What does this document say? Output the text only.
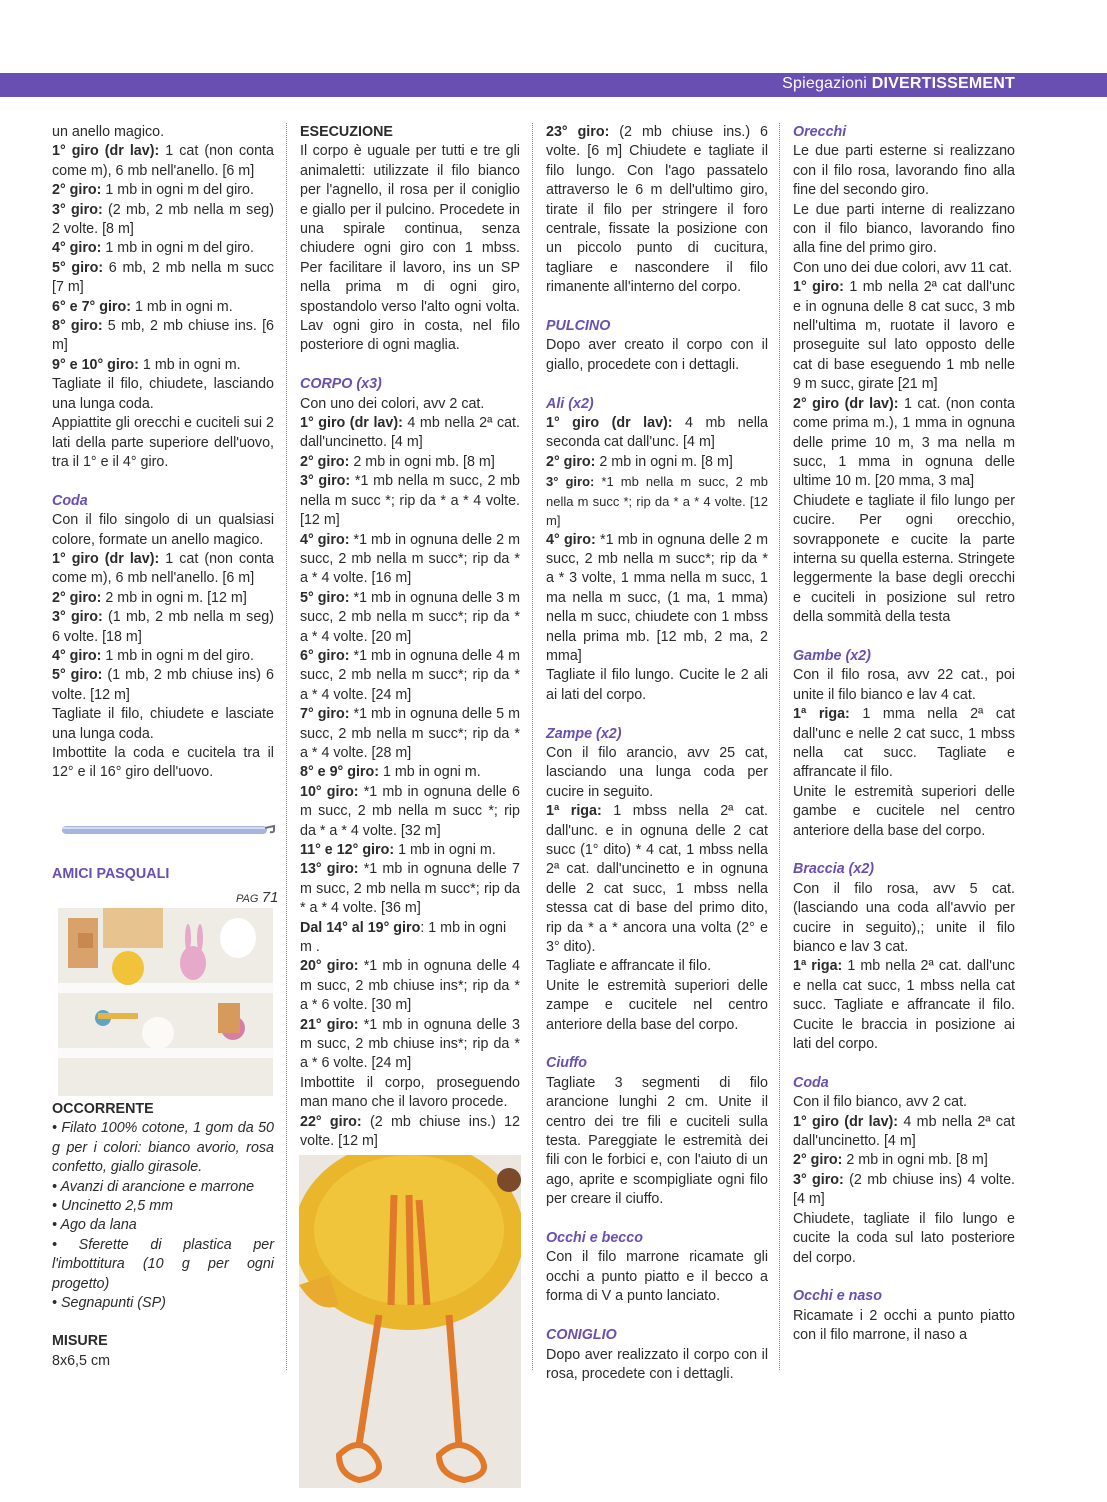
Spiegazioni DIVERTISSEMENT

un anello magico.

1° giro (dr lav): 1 cat (non conta come m), 6 mb nell'anello. [6 m]

2° giro: 1 mb in ogni m del giro.

3° giro: (2 mb, 2 mb nella m seg) 2 volte. [8 m]

4° giro: 1 mb in ogni m del giro.

5° giro: 6 mb, 2 mb nella m succ [7 m]

6° e 7° giro: 1 mb in ogni m.

8° giro: 5 mb, 2 mb chiuse ins. [6 m]

9° e 10° giro: 1 mb in ogni m.

Tagliate il filo, chiudete, lasciando una lunga coda.

Appiattite gli orecchi e cuciteli sui 2 lati della parte superiore dell'uovo, tra il 1° e il 4° giro.

Coda

Con il filo singolo di un qualsiasi colore, formate un anello magico.

1° giro (dr lav): 1 cat (non conta come m), 6 mb nell'anello. [6 m]

2° giro: 2 mb in ogni m. [12 m]

3° giro: (1 mb, 2 mb nella m seg) 6 volte. [18 m]

4° giro: 1 mb in ogni m del giro.

5° giro: (1 mb, 2 mb chiuse ins) 6 volte. [12 m]

Tagliate il filo, chiudete e lasciate una lunga coda.

Imbottite la coda e cucitela tra il 12° e il 16° giro dell'uovo.

AMICI PASQUALI
PAG 71

OCCORRENTE

• Filato 100% cotone, 1 gom da 50 g per i colori: bianco avorio, rosa confetto, giallo girasole.

• Avanzi di arancione e marrone

• Uncinetto 2,5 mm

• Ago da lana

• Sferette di plastica per l'imbottitura (10 g per ogni progetto)

• Segnapunti (SP)

MISURE

8x6,5 cm

ESECUZIONE

Il corpo è uguale per tutti e tre gli animaletti: utilizzate il filo bianco per l'agnello, il rosa per il coniglio e giallo per il pulcino. Procedete in una spirale continua, senza chiudere ogni giro con 1 mbss. Per facilitare il lavoro, ins un SP nella prima m di ogni giro, spostandolo verso l'alto ogni volta. Lav ogni giro in costa, nel filo posteriore di ogni maglia.

CORPO (x3)

Con uno dei colori, avv 2 cat.

1° giro (dr lav): 4 mb nella 2ª cat. dall'uncinetto. [4 m]

2° giro: 2 mb in ogni mb. [8 m]

3° giro: *1 mb nella m succ, 2 mb nella m succ *; rip da * a * 4 volte. [12 m]

4° giro: *1 mb in ognuna delle 2 m succ, 2 mb nella m succ*; rip da * a * 4 volte. [16 m]

5° giro: *1 mb in ognuna delle 3 m succ, 2 mb nella m succ*; rip da * a * 4 volte. [20 m]

6° giro: *1 mb in ognuna delle 4 m succ, 2 mb nella m succ*; rip da * a * 4 volte. [24 m]

7° giro: *1 mb in ognuna delle 5 m succ, 2 mb nella m succ*; rip da * a * 4 volte. [28 m]

8° e 9° giro: 1 mb in ogni m.

10° giro: *1 mb in ognuna delle 6 m succ, 2 mb nella m succ *; rip da * a * 4 volte. [32 m]

11° e 12° giro: 1 mb in ogni m.

13° giro: *1 mb in ognuna delle 7 m succ, 2 mb nella m succ*; rip da * a * 4 volte. [36 m]

Dal 14° al 19° giro: 1 mb in ogni m .

20° giro: *1 mb in ognuna delle 4 m succ, 2 mb chiuse ins*; rip da * a * 6 volte. [30 m]

21° giro: *1 mb in ognuna delle 3 m succ, 2 mb chiuse ins*; rip da * a * 6 volte. [24 m]

Imbottite il corpo, proseguendo man mano che il lavoro procede.

22° giro: (2 mb chiuse ins.) 12 volte. [12 m]

23° giro: (2 mb chiuse ins.) 6 volte. [6 m] Chiudete e tagliate il filo lungo. Con l'ago passatelo attraverso le 6 m dell'ultimo giro, tirate il filo per stringere il foro centrale, fissate la posizione con un piccolo punto di cucitura, tagliare e nascondere il filo rimanente all'interno del corpo.

PULCINO

Dopo aver creato il corpo con il giallo, procedete con i dettagli.

Ali (x2)

1° giro (dr lav): 4 mb nella seconda cat dall'unc. [4 m]

2° giro: 2 mb in ogni m. [8 m]

3° giro: *1 mb nella m succ, 2 mb nella m succ *; rip da * a * 4 volte. [12 m]

4° giro: *1 mb in ognuna delle 2 m succ, 2 mb nella m succ*; rip da * a * 3 volte, 1 mma nella m succ, 1 ma nella m succ, (1 ma, 1 mma) nella m succ, chiudete con 1 mbss nella prima mb. [12 mb, 2 ma, 2 mma]

Tagliate il filo lungo. Cucite le 2 ali ai lati del corpo.

Zampe (x2)

Con il filo arancio, avv 25 cat, lasciando una lunga coda per cucire in seguito.

1ª riga: 1 mbss nella 2ª cat. dall'unc. e in ognuna delle 2 cat succ (1° dito) * 4 cat, 1 mbss nella 2ª cat. dall'uncinetto e in ognuna delle 2 cat succ, 1 mbss nella stessa cat di base del primo dito, rip da * a * ancora una volta (2° e 3° dito).

Tagliate e affrancate il filo.

Unite le estremità superiori delle zampe e cucitele nel centro anteriore della base del corpo.

Ciuffo

Tagliate 3 segmenti di filo arancione lunghi 2 cm. Unite il centro dei tre fili e cuciteli sulla testa. Pareggiate le estremità dei fili con le forbici e, con l'aiuto di un ago, aprite e scompigliate ogni filo per creare il ciuffo.

Occhi e becco

Con il filo marrone ricamate gli occhi a punto piatto e il becco a forma di V a punto lanciato.

CONIGLIO

Dopo aver realizzato il corpo con il rosa, procedete con i dettagli.

Orecchi

Le due parti esterne si realizzano con il filo rosa, lavorando fino alla fine del secondo giro.

Le due parti interne di realizzano con il filo bianco, lavorando fino alla fine del primo giro.

Con uno dei due colori, avv 11 cat.

1° giro: 1 mb nella 2ª cat dall'unc e in ognuna delle 8 cat succ, 3 mb nell'ultima m, ruotate il lavoro e proseguite sul lato opposto delle cat di base eseguendo 1 mb nelle 9 m succ, girate [21 m]

2° giro (dr lav): 1 cat. (non conta come prima m.), 1 mma in ognuna delle prime 10 m, 3 ma nella m succ, 1 mma in ognuna delle ultime 10 m. [20 mma, 3 ma]

Chiudete e tagliate il filo lungo per cucire. Per ogni orecchio, sovrapponete e cucite la parte interna su quella esterna. Stringete leggermente la base degli orecchi e cuciteli in posizione sul retro della sommità della testa

Gambe (x2)

Con il filo rosa, avv 22 cat., poi unite il filo bianco e lav 4 cat.

1ª riga: 1 mma nella 2ª cat dall'unc e nelle 2 cat succ, 1 mbss nella cat succ. Tagliate e affrancate il filo.

Unite le estremità superiori delle gambe e cucitele nel centro anteriore della base del corpo.

Braccia (x2)

Con il filo rosa, avv 5 cat. (lasciando una coda all'avvio per cucire in seguito),; unite il filo bianco e lav 3 cat.

1ª riga: 1 mb nella 2ª cat. dall'unc e nella cat succ, 1 mbss nella cat succ. Tagliate e affrancate il filo. Cucite le braccia in posizione ai lati del corpo.

Coda

Con il filo bianco, avv 2 cat.

1° giro (dr lav): 4 mb nella 2ª cat dall'uncinetto. [4 m]

2° giro: 2 mb in ogni mb. [8 m]

3° giro: (2 mb chiuse ins) 4 volte. [4 m]

Chiudete, tagliate il filo lungo e cucite la coda sul lato posteriore del corpo.

Occhi e naso

Ricamate i 2 occhi a punto piatto con il filo marrone, il naso a
